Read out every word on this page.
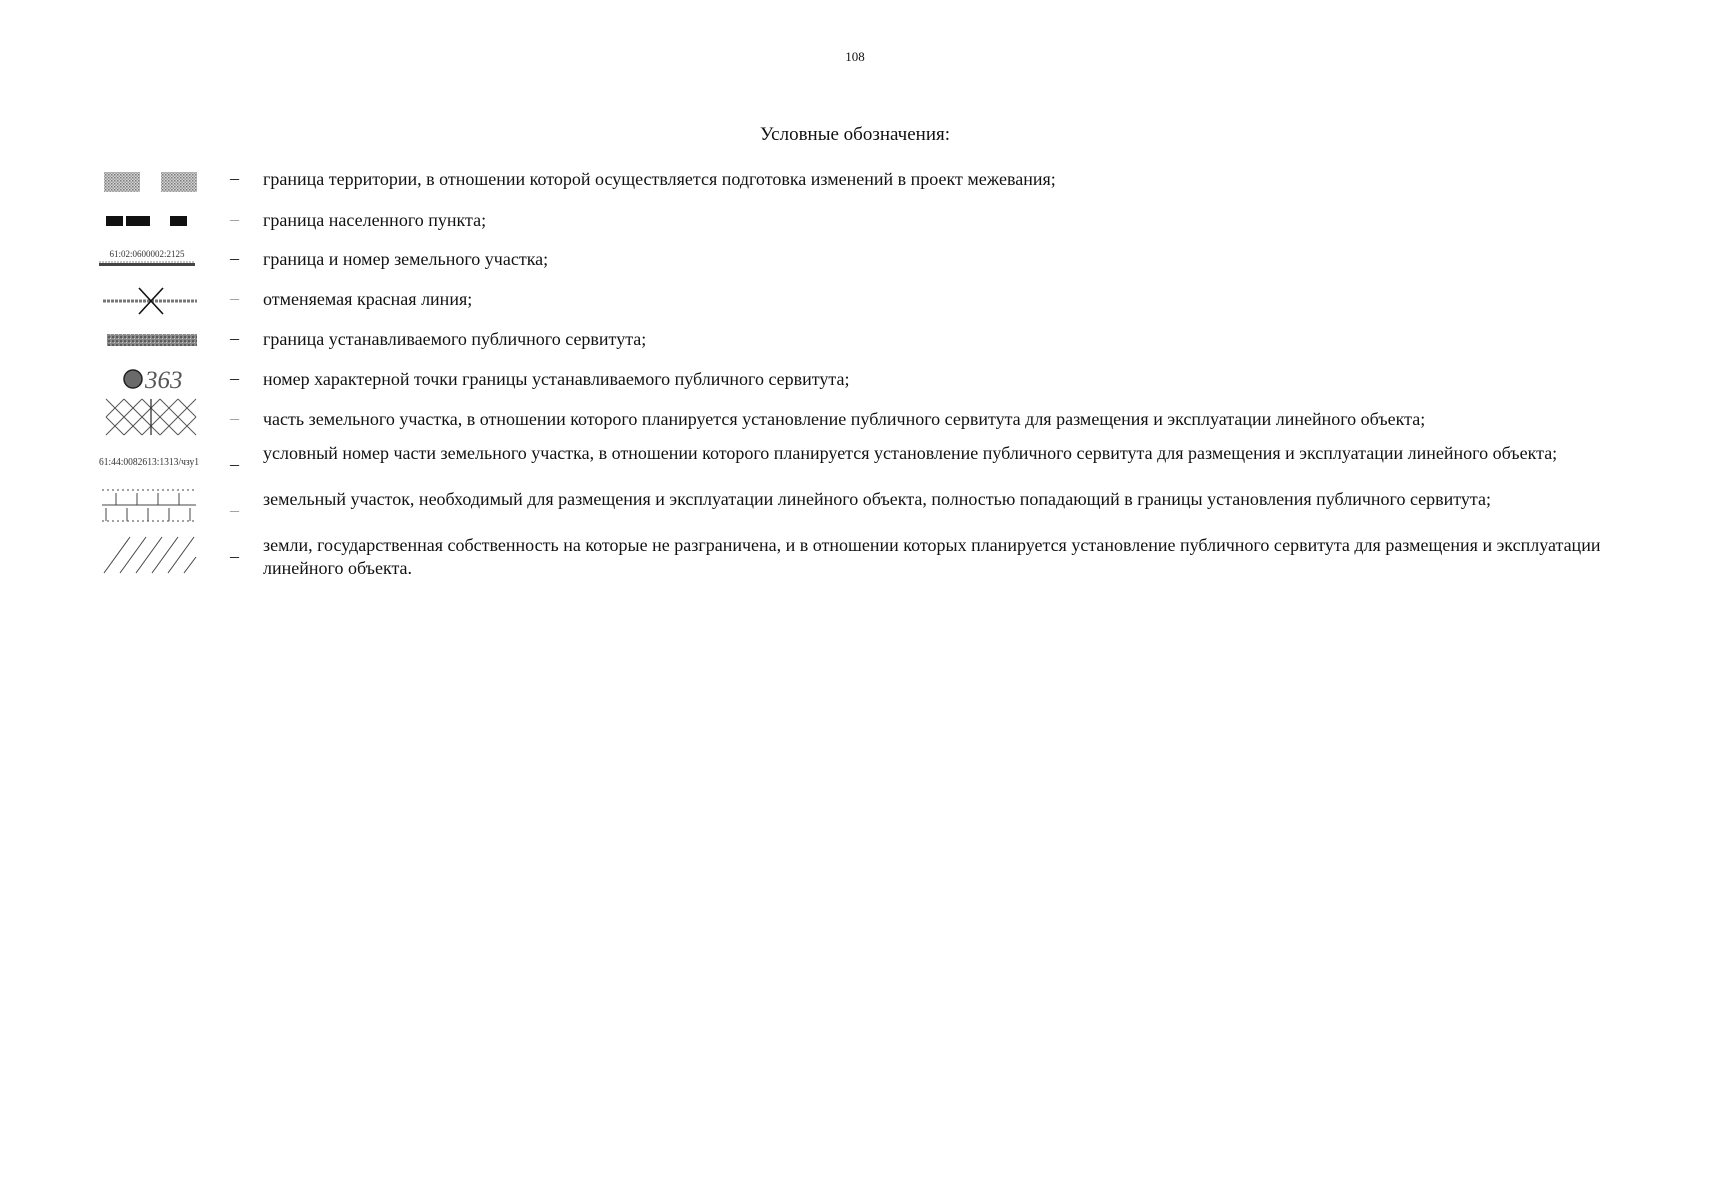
108
Условные обозначения:
– граница территории, в отношении которой осуществляется подготовка изменений в проект межевания;
– граница населенного пункта;
61:02:0600002:2125	– граница и номер земельного участка;
– отменяемая красная линия;
– граница устанавливаемого публичного сервитута;
363	– номер характерной точки границы устанавливаемого публичного сервитута;
– часть земельного участка, в отношении которого планируется установление публичного сервитута для размещения и эксплуатации линейного объекта;
61:44:0082613:1313/чзу1 –
условный номер части земельного участка, в отношении которого планируется установление публичного сервитута для размещения и эксплуатации линейного объекта;
–
земельный участок, необходимый для размещения и эксплуатации линейного объекта, полностью попадающий в границы установления публичного сервитута;
–
земли, государственная собственность на которые не разграничена, и в отношении которых планируется установление публичного сервитута для размещения и эксплуатации линейного объекта.
